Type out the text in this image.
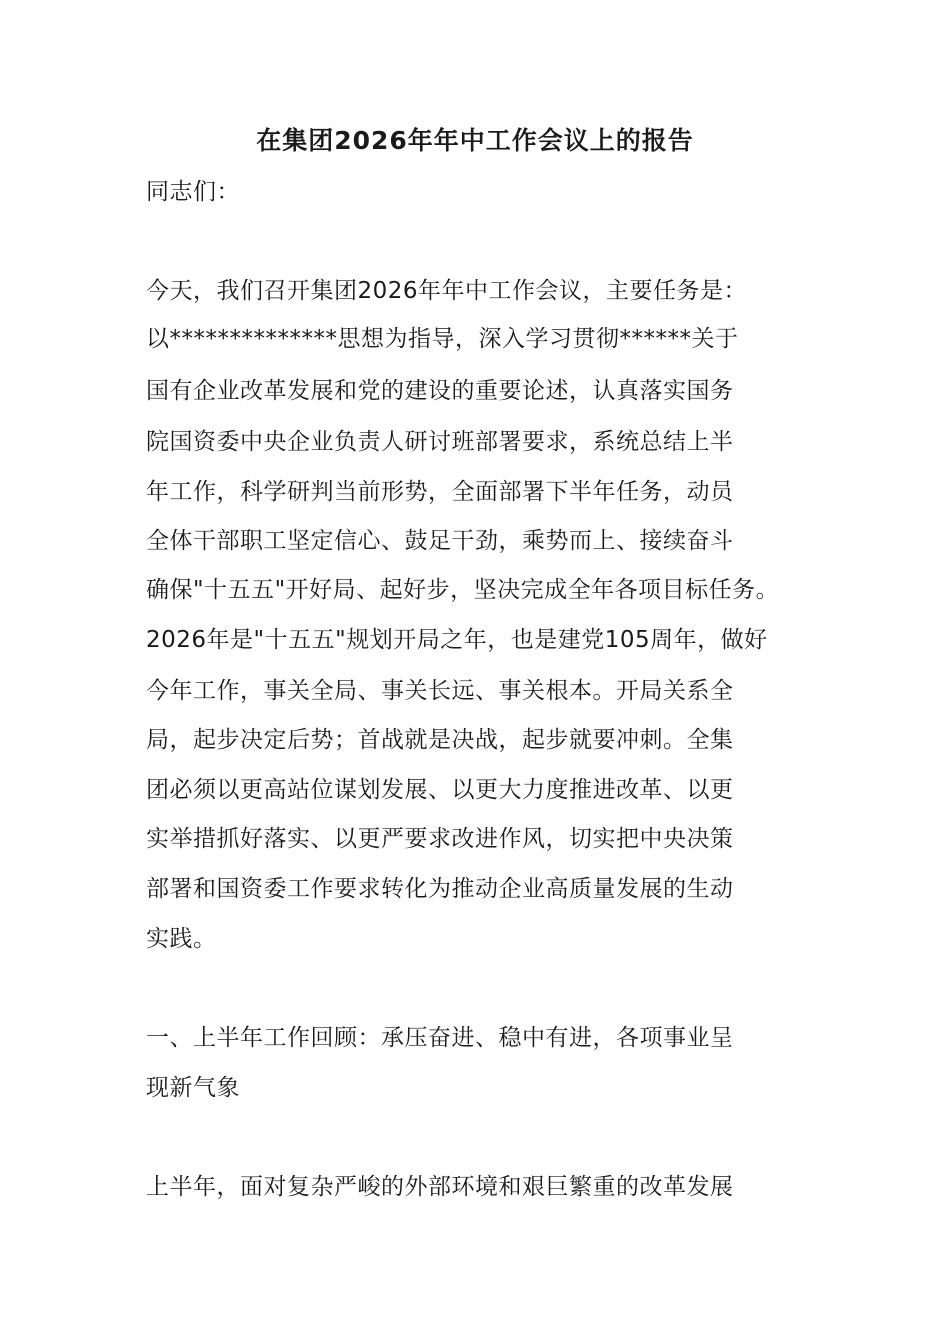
在集团2026年年中工作会议上的报告
同志们：
今天，我们召开集团2026年年中工作会议，主要任务是：
以**************思想为指导，深入学习贯彻******关于
国有企业改革发展和党的建设的重要论述，认真落实国务
院国资委中央企业负责人研讨班部署要求，系统总结上半
年工作，科学研判当前形势，全面部署下半年任务，动员
全体干部职工坚定信心、鼓足干劲，乘势而上、接续奋斗
确保"十五五"开好局、起好步，坚决完成全年各项目标任务。
2026年是"十五五"规划开局之年，也是建党105周年，做好
今年工作，事关全局、事关长远、事关根本。开局关系全
局，起步决定后势；首战就是决战，起步就要冲刺。全集
团必须以更高站位谋划发展、以更大力度推进改革、以更
实举措抓好落实、以更严要求改进作风，切实把中央决策
部署和国资委工作要求转化为推动企业高质量发展的生动
实践。
一、上半年工作回顾：承压奋进、稳中有进，各项事业呈
现新气象
上半年，面对复杂严峻的外部环境和艰巨繁重的改革发展
